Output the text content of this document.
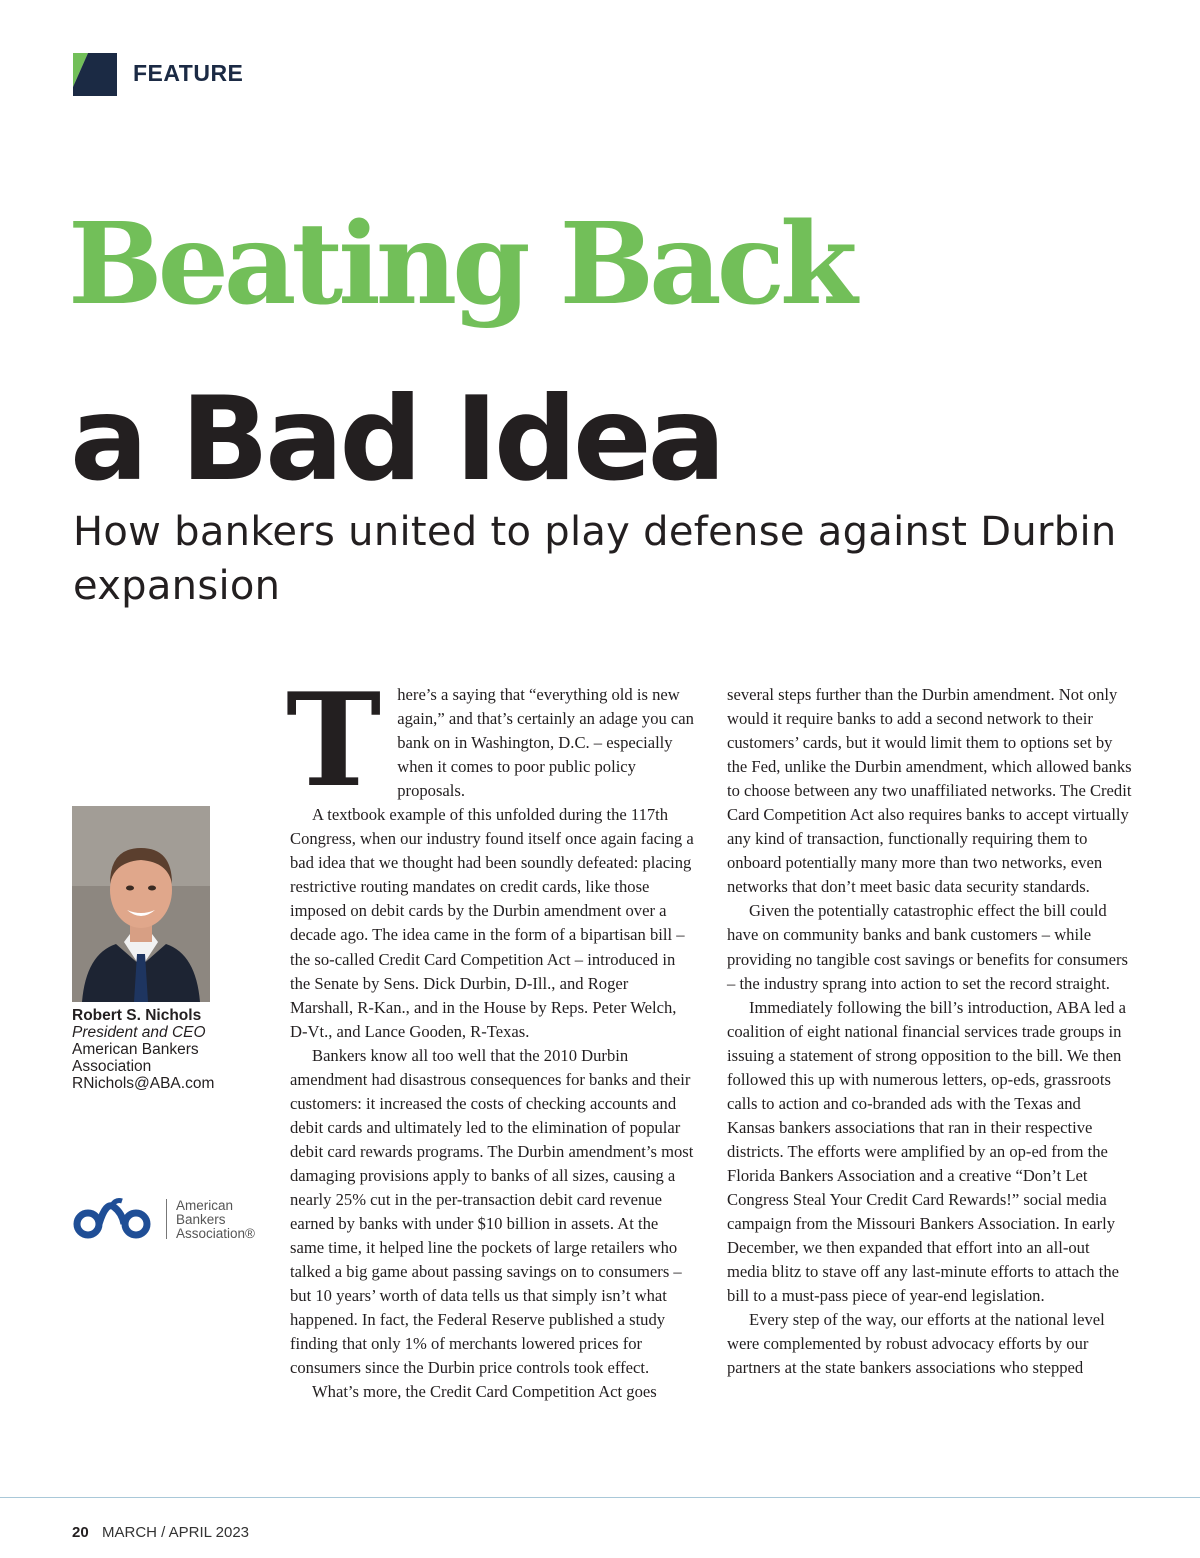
FEATURE
Beating Back
a Bad Idea
How bankers united to play defense against Durbin expansion
Robert S. Nichols
President and CEO
American Bankers Association
RNichols@ABA.com
American
Bankers
Association®

There’s a saying that “everything old is new again,” and that’s certainly an adage you can bank on in Washington, D.C. – especially when it comes to poor public policy proposals.

A textbook example of this unfolded during the 117th Congress, when our industry found itself once again facing a bad idea that we thought had been soundly defeated: placing restrictive routing mandates on credit cards, like those imposed on debit cards by the Durbin amendment over a decade ago. The idea came in the form of a bipartisan bill – the so-called Credit Card Competition Act – introduced in the Senate by Sens. Dick Durbin, D-Ill., and Roger Marshall, R-Kan., and in the House by Reps. Peter Welch, D-Vt., and Lance Gooden, R-Texas.

Bankers know all too well that the 2010 Durbin amendment had disastrous consequences for banks and their customers: it increased the costs of checking accounts and debit cards and ultimately led to the elimination of popular debit card rewards programs. The Durbin amendment’s most damaging provisions apply to banks of all sizes, causing a nearly 25% cut in the per-transaction debit card revenue earned by banks with under $10 billion in assets. At the same time, it helped line the pockets of large retailers who talked a big game about passing savings on to consumers – but 10 years’ worth of data tells us that simply isn’t what happened. In fact, the Federal Reserve published a study finding that only 1% of merchants lowered prices for consumers since the Durbin price controls took effect.

What’s more, the Credit Card Competition Act goes

several steps further than the Durbin amendment. Not only would it require banks to add a second network to their customers’ cards, but it would limit them to options set by the Fed, unlike the Durbin amendment, which allowed banks to choose between any two unaffiliated networks. The Credit Card Competition Act also requires banks to accept virtually any kind of transaction, functionally requiring them to onboard potentially many more than two networks, even networks that don’t meet basic data security standards.

Given the potentially catastrophic effect the bill could have on community banks and bank customers – while providing no tangible cost savings or benefits for consumers – the industry sprang into action to set the record straight.

Immediately following the bill’s introduction, ABA led a coalition of eight national financial services trade groups in issuing a statement of strong opposition to the bill. We then followed this up with numerous letters, op-eds, grassroots calls to action and co-branded ads with the Texas and Kansas bankers associations that ran in their respective districts. The efforts were amplified by an op-ed from the Florida Bankers Association and a creative “Don’t Let Congress Steal Your Credit Card Rewards!” social media campaign from the Missouri Bankers Association. In early December, we then expanded that effort into an all-out media blitz to stave off any last-minute efforts to attach the bill to a must-pass piece of year-end legislation.

Every step of the way, our efforts at the national level were complemented by robust advocacy efforts by our partners at the state bankers associations who stepped

20 MARCH / APRIL 2023
